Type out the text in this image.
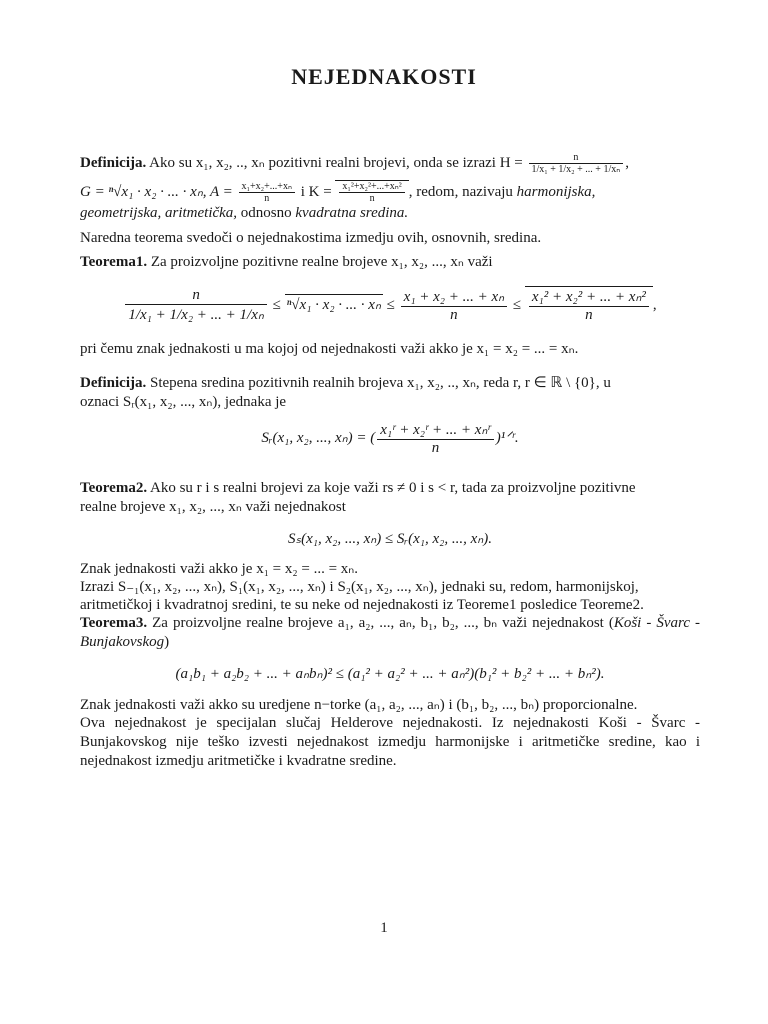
NEJEDNAKOSTI
Definicija. Ako su x₁, x₂, .., xₙ pozitivni realni brojevi, onda se izrazi $H = \frac{n}{\text{1/x₁ + 1/x₂ + ... + 1/xₙ}}$ ,
G = ⁿ√x₁ · x₂ · ... · xₙ, $A = \frac{\text{x₁+x₂+...+xₙ}}{n}$ i $K = \frac{\text{x₁²+x₂²+...+xₙ²}}{n}$ , redom, nazivaju harmonijska,
geometrijska, aritmetička, odnosno kvadratna sredina.
Naredna teorema svedoči o nejednakostima izmedju ovih, osnovnih, sredina.
Teorema1. Za proizvoljne pozitivne realne brojeve x₁, x₂, ..., xₙ važi
$\frac{n}{\text{1/x₁ + 1/x₂ + ... + 1/xₙ}} \le ^n√x_1 \cdot x_2$ · ... · $x_n \le \frac{\text{x₁ + x₂ + ... + xₙ}}{n} \le \frac{\text{x₁² + x₂² + ... + xₙ²}}{n}$ ,
pri čemu znak jednakosti u ma kojoj od nejednakosti važi akko je x₁ = x₂ = ... = xₙ.
Definicija. Stepena sredina pozitivnih realnih brojeva x₁, x₂, .., xₙ, reda r, r ∈ ℝ \ {0}, u
oznaci Sᵣ(x₁, x₂, ..., xₙ), jednaka je
Sᵣ(x₁, x₂, ..., xₙ) = ( $\frac{\text{x₁ʳ + x₂ʳ + ... + xₙʳ}}{n}$ )¹ᐟʳ.
Teorema2. Ako su r i s realni brojevi za koje važi rs ≠ 0 i s < r, tada za proizvoljne pozitivne
realne brojeve x₁, x₂, ..., xₙ važi nejednakost
Sₛ(x₁, x₂, ..., xₙ) ≤ Sᵣ(x₁, x₂, ..., xₙ).
Znak jednakosti važi akko je x₁ = x₂ = ... = xₙ.
Izrazi S₋₁(x₁, x₂, ..., xₙ), S₁(x₁, x₂, ..., xₙ) i S₂(x₁, x₂, ..., xₙ), jednaki su, redom, harmonijskoj,
aritmetičkoj i kvadratnoj sredini, te su neke od nejednakosti iz Teoreme1 posledice Teoreme2.
Teorema3. Za proizvoljne realne brojeve a₁, a₂, ..., aₙ, b₁, b₂, ..., bₙ važi nejednakost (Koši - Švarc - Bunjakovskog)
(a₁b₁ + a₂b₂ + ... + aₙbₙ)² ≤ (a₁² + a₂² + ... + aₙ²)(b₁² + b₂² + ... + bₙ²).
Znak jednakosti važi akko su uredjene n−torke (a₁, a₂, ..., aₙ) i (b₁, b₂, ..., bₙ) proporcionalne.
Ova nejednakost je specijalan slučaj Helderove nejednakosti. Iz nejednakosti Koši - Švarc - Bunjakovskog nije teško izvesti nejednakost izmedju harmonijske i aritmetičke sredine, kao i nejednakost izmedju aritmetičke i kvadratne sredine.
1
